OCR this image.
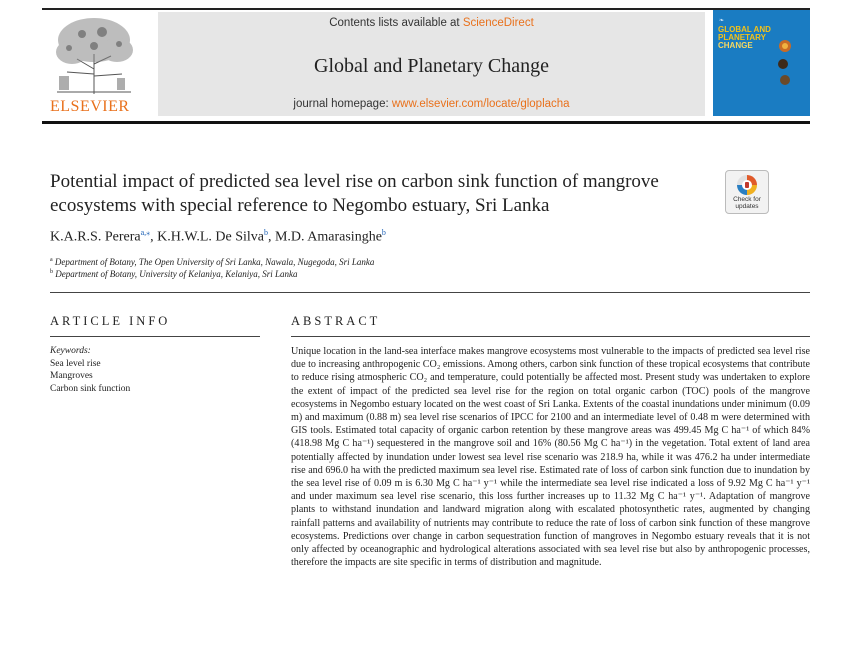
ELSEVIER
Contents lists available at ScienceDirect
Global and Planetary Change
journal homepage: www.elsevier.com/locate/gloplacha
❧
GLOBAL AND
PLANETARY
CHANGE
Potential impact of predicted sea level rise on carbon sink function of mangrove ecosystems with special reference to Negombo estuary, Sri Lanka	Check for
updates
K.A.R.S. Perera$^{a,⁎}$, K.H.W.L. De Silva$^b$, M.D. Amarasinghe$^b$
$^a$ Department of Botany, The Open University of Sri Lanka, Nawala, Nugegoda, Sri Lanka
$^b$ Department of Botany, University of Kelaniya, Kelaniya, Sri Lanka
ARTICLE INFO	ABSTRACT
Keywords:
Sea level rise
Mangroves
Carbon sink function
Unique location in the land-sea interface makes mangrove ecosystems most vulnerable to the impacts of predicted sea level rise due to increasing anthropogenic CO₂ emissions. Among others, carbon sink function of these tropical ecosystems that contribute to reduce rising atmospheric CO₂ and temperature, could potentially be affected most. Present study was undertaken to explore the extent of impact of the predicted sea level rise for the region on total organic carbon (TOC) pools of the mangrove ecosystems in Negombo estuary located on the west coast of Sri Lanka. Extents of the coastal inundations under minimum (0.09 m) and maximum (0.88 m) sea level rise scenarios of IPCC for 2100 and an intermediate level of 0.48 m were determined with GIS tools. Estimated total capacity of organic carbon retention by these mangrove areas was 499.45 Mg C ha⁻¹ of which 84% (418.98 Mg C ha⁻¹) sequestered in the mangrove soil and 16% (80.56 Mg C ha⁻¹) in the vegetation. Total extent of land area potentially affected by inundation under lowest sea level rise scenario was 218.9 ha, while it was 476.2 ha under intermediate rise and 696.0 ha with the predicted maximum sea level rise. Estimated rate of loss of carbon sink function due to inundation by the sea level rise of 0.09 m is 6.30 Mg C ha⁻¹ y⁻¹ while the intermediate sea level rise indicated a loss of 9.92 Mg C ha⁻¹ y⁻¹ and under maximum sea level rise scenario, this loss further increases up to 11.32 Mg C ha⁻¹ y⁻¹. Adaptation of mangrove plants to withstand inundation and landward migration along with escalated photosynthetic rates, augmented by changing rainfall patterns and availability of nutrients may contribute to reduce the rate of loss of carbon sink function of these mangrove ecosystems. Predictions over change in carbon sequestration function of mangroves in Negombo estuary reveals that it is not only affected by oceanographic and hydrological alterations associated with sea level rise but also by anthropogenic processes, therefore the impacts are site specific in terms of distribution and magnitude.
